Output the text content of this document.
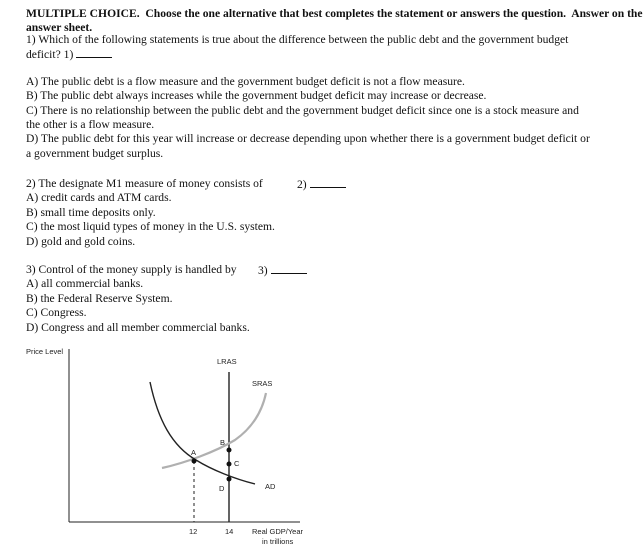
MULTIPLE CHOICE. Choose the one alternative that best completes the statement or answers the question. Answer on the
answer sheet.
1) Which of the following statements is true about the difference between the public debt and the government budget
deficit? 1)
A) The public debt is a flow measure and the government budget deficit is not a flow measure.
B) The public debt always increases while the government budget deficit may increase or decrease.
C) There is no relationship between the public debt and the government budget deficit since one is a stock measure and
the other is a flow measure.
D) The public debt for this year will increase or decrease depending upon whether there is a government budget deficit or
a government budget surplus.
2) The designate M1 measure of money consists of	2)
A) credit cards and ATM cards.
B) small time deposits only.
C) the most liquid types of money in the U.S. system.
D) gold and gold coins.
3) Control of the money supply is handled by 3)
A) all commercial banks.
B) the Federal Reserve System.
C) Congress.
D) Congress and all member commercial banks.
Price Level
LRAS
SRAS
AD
A
B
C
D
12	14 Real GDP/Year
in trillions
